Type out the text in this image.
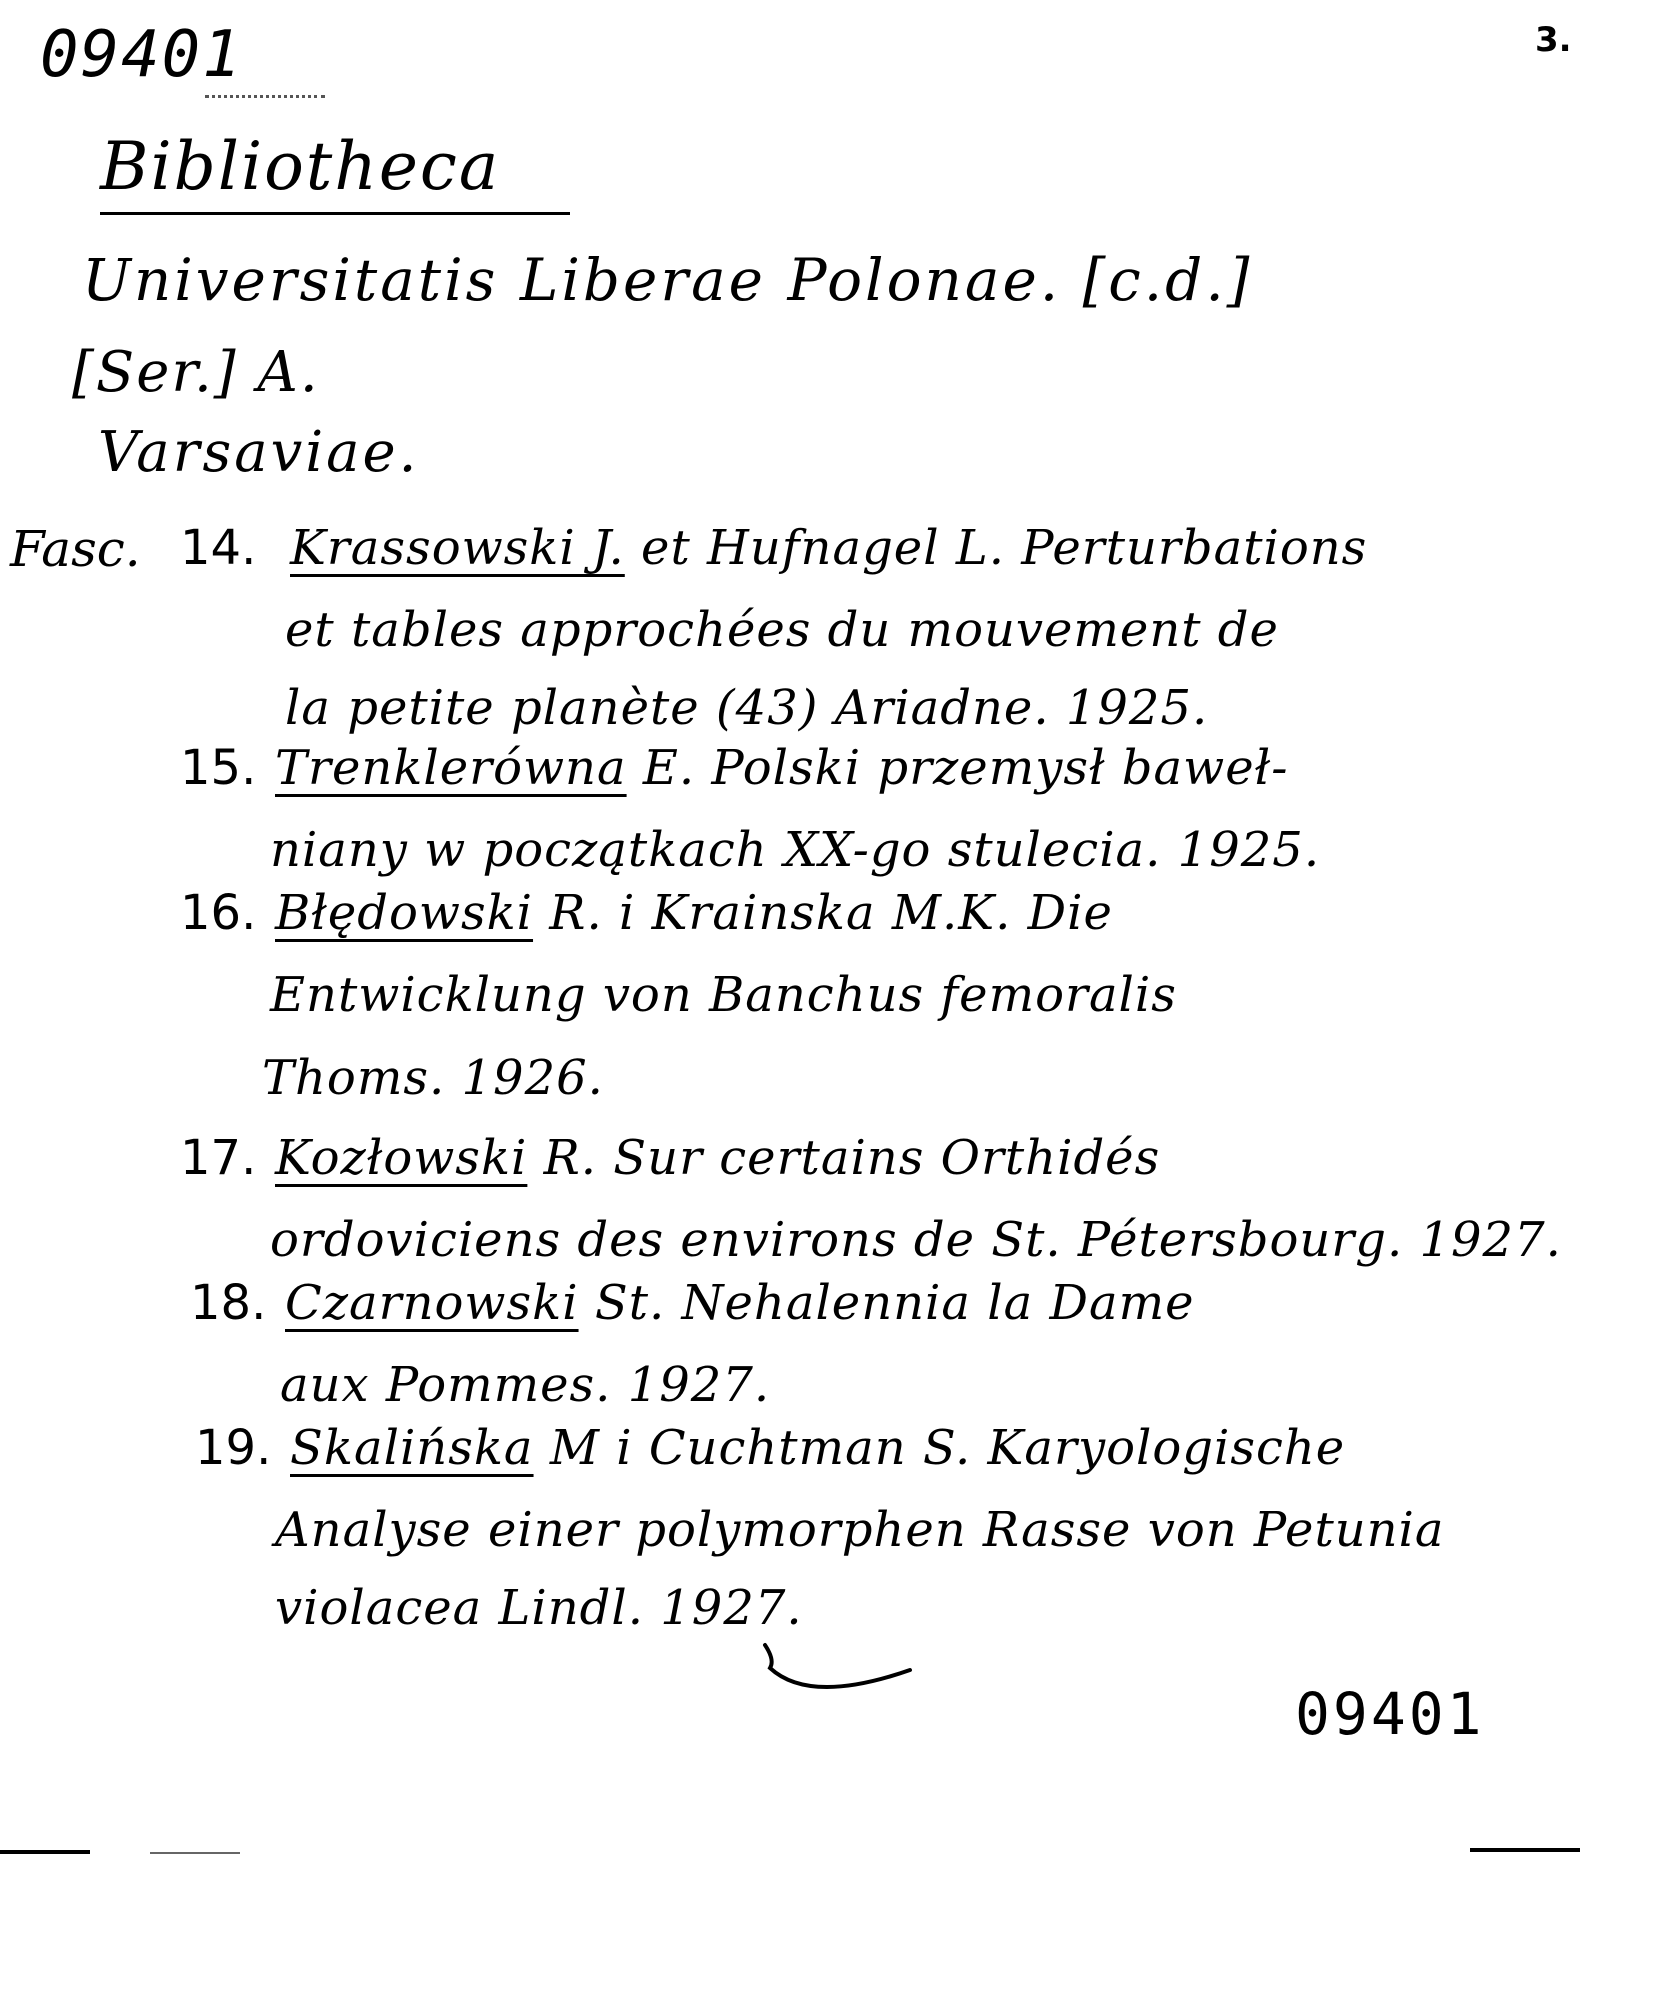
09401	3.
Bibliotheca
Universitatis Liberae Polonae. [c.d.]
[Ser.] A.
Varsaviae.
Fasc. 14. Krassowski J. et Hufnagel L. Perturbations
et tables approchées du mouvement de
la petite planète (43) Ariadne. 1925.
15. Trenklerówna E. Polski przemysł baweł-
niany w początkach XX-go stulecia. 1925.
16. Błędowski R. i Krainska M.K. Die
Entwicklung von Banchus femoralis
Thoms. 1926.
17. Kozłowski R. Sur certains Orthidés
ordoviciens des environs de St. Pétersbourg. 1927.
18. Czarnowski St. Nehalennia la Dame
aux Pommes. 1927.
19. Skalińska M i Cuchtman S. Karyologische
Analyse einer polymorphen Rasse von Petunia
violacea Lindl. 1927.
09401
